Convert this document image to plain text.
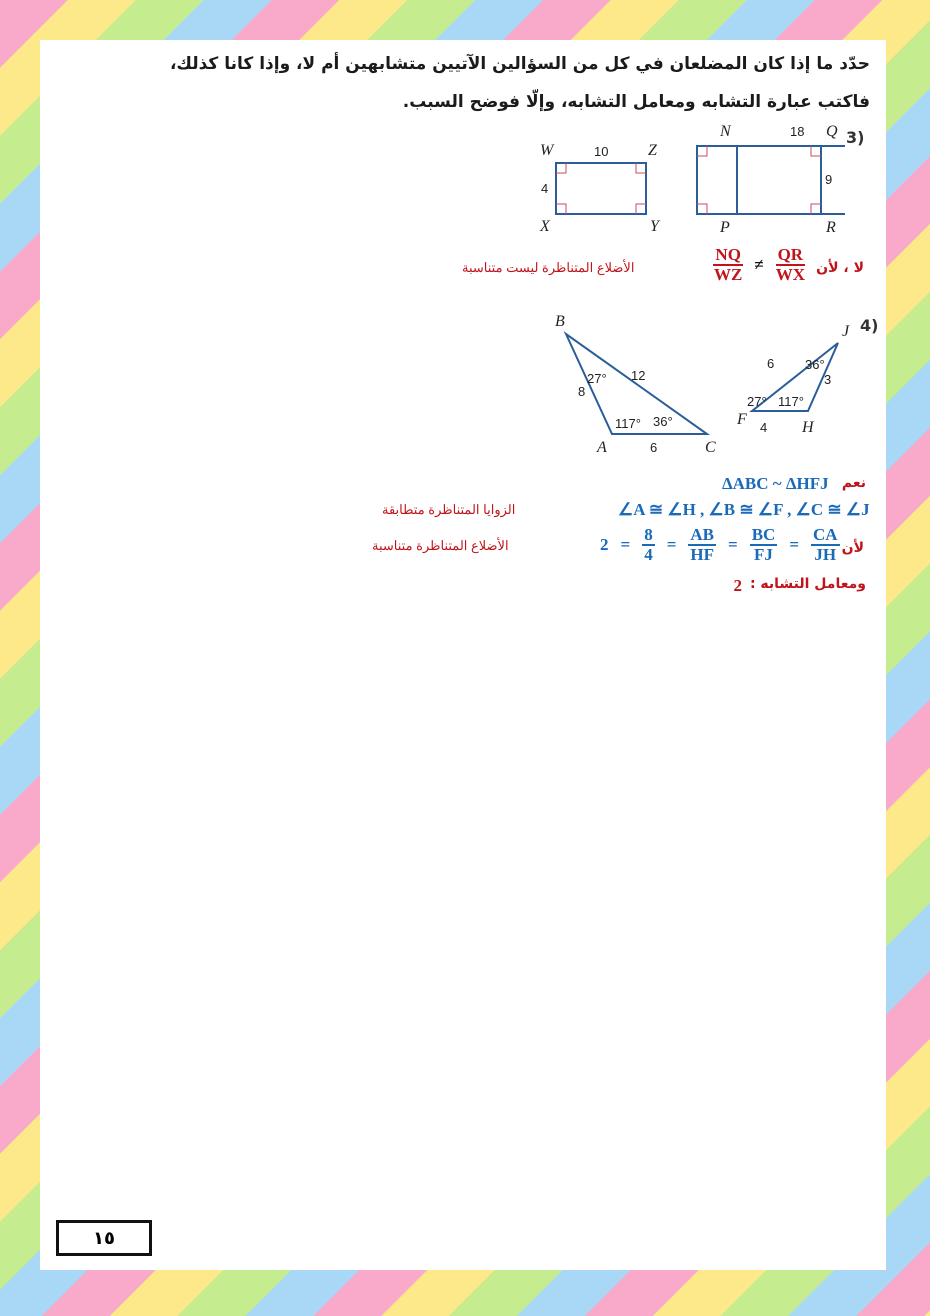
حدّد ما إذا كان المضلعان في كل من السؤالين الآتيين متشابهين أم لا، وإذا كانا كذلك،
فاكتب عبارة التشابه ومعامل التشابه، وإلّا فوضح السبب.
3)
W	Z
X	Y
10
4
N	18
9
P
Q
R
لا ، لأن
$\frac{NQ}{WZ} \ne \frac{QR}{WX}$
الأضلاع المتناظرة ليست متناسبة
4)
B
A	C
8
12
6
27°
117° 36°
J
F	H
6
3
4
36°
27° 117°
نعم
ΔABC ~ ΔHFJ
∠A ≅ ∠H , ∠B ≅ ∠F , ∠C ≅ ∠J
الزوايا المتناظرة متطابقة
لأن
$2 = \frac{8}{4} = \frac{AB}{HF} = \frac{BC}{FJ} = \frac{CA}{JH}$
الأضلاع المتناظرة متناسبة
ومعامل التشابه :
2
١٥
